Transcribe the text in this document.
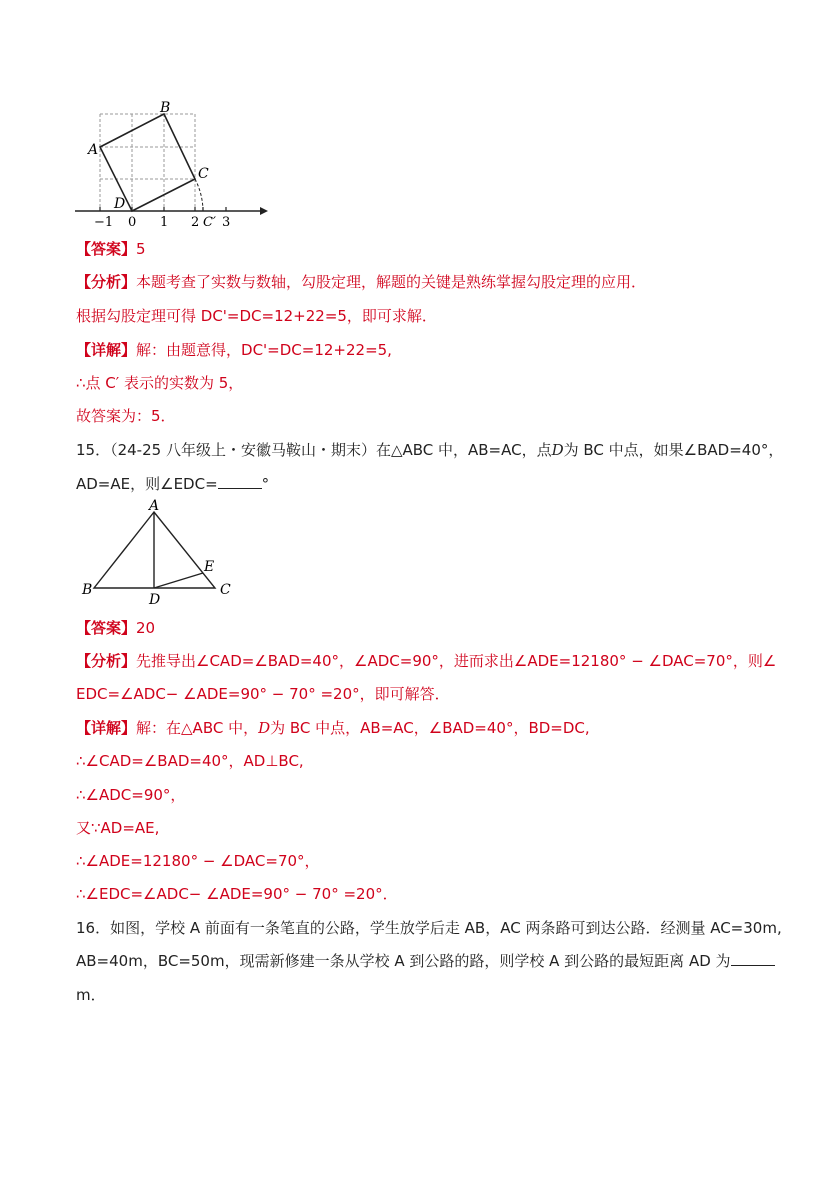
A
B
C
D
−1 0 1 2 C′ 3
【答案】5
【分析】本题考查了实数与数轴，勾股定理，解题的关键是熟练掌握勾股定理的应用．
根据勾股定理可得 DC'=DC=12+22=5，即可求解．
【详解】解：由题意得，DC'=DC=12+22=5,
∴点 C′ 表示的实数为 5，
故答案为：5．
15．（24-25 八年级上・安徽马鞍山・期末）在△ABC 中，AB=AC，点D为 BC 中点，如果∠BAD=40°，
AD=AE，则∠EDC=	°
A
B	C
D
E
【答案】20
【分析】先推导出∠CAD=∠BAD=40°，∠ADC=90°，进而求出∠ADE=12180° − ∠DAC=70°，则∠
EDC=∠ADC− ∠ADE=90° − 70° =20°，即可解答．
【详解】解：在△ABC 中，D为 BC 中点，AB=AC，∠BAD=40°，BD=DC,
∴∠CAD=∠BAD=40°，AD⊥BC,
∴∠ADC=90°，
又∵AD=AE,
∴∠ADE=12180° − ∠DAC=70°，
∴∠EDC=∠ADC− ∠ADE=90° − 70° =20°．
16．如图，学校 A 前面有一条笔直的公路，学生放学后走 AB，AC 两条路可到达公路．经测量 AC=30m,
AB=40m，BC=50m，现需新修建一条从学校 A 到公路的路，则学校 A 到公路的最短距离 AD 为
m．
